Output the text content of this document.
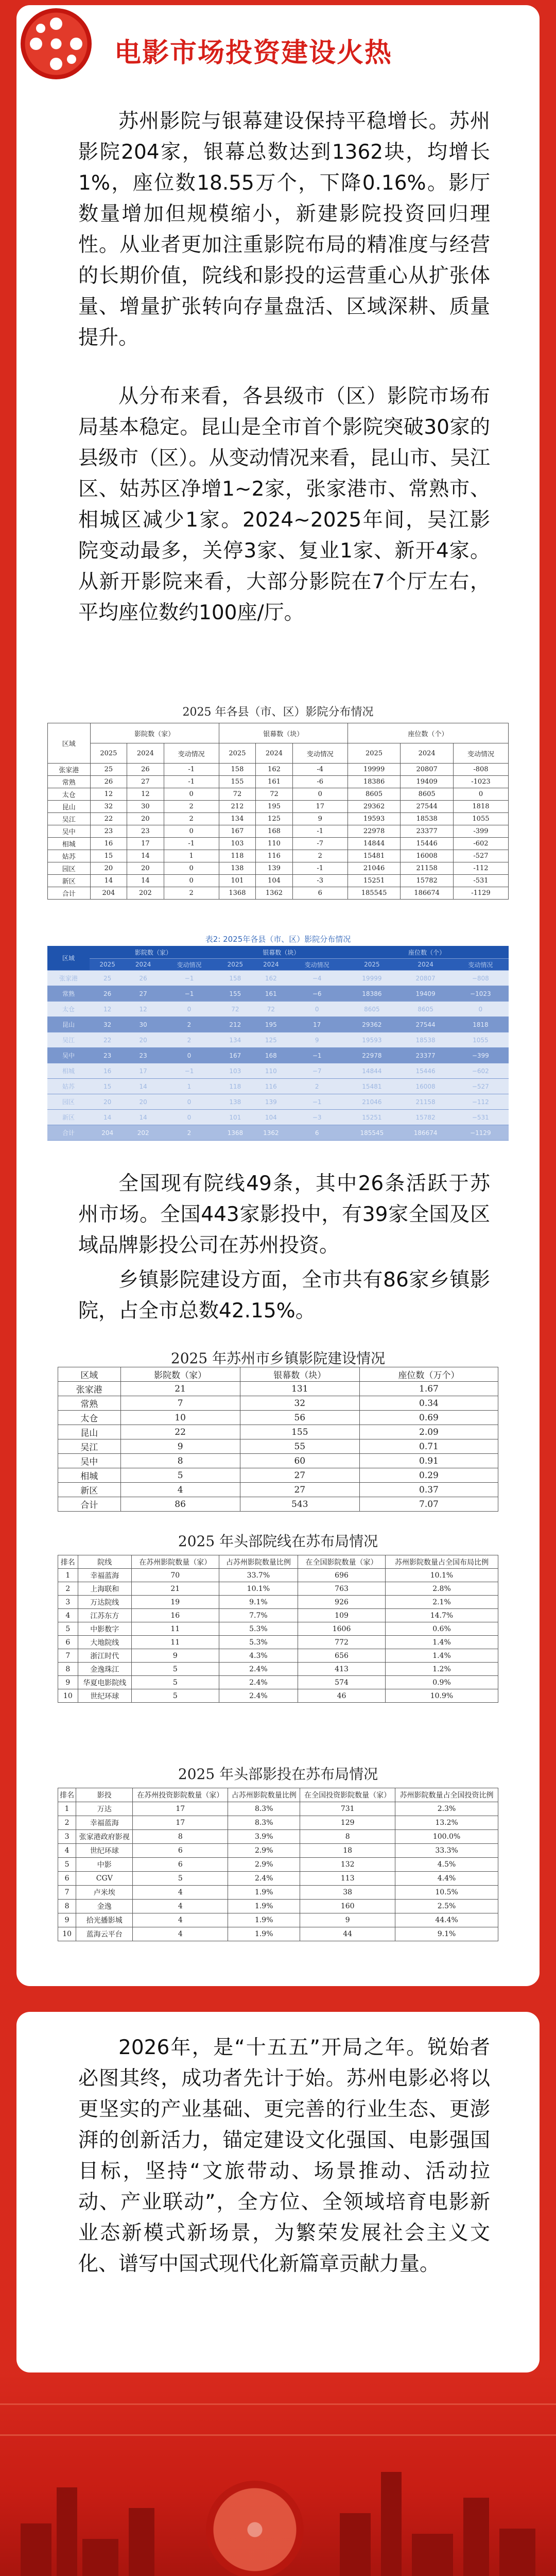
电影市场投资建设火热

苏州影院与银幕建设保持平稳增长。苏州影院204家，银幕总数达到1362块，均增长1%，座位数18.55万个，下降0.16%。影厅数量增加但规模缩小，新建影院投资回归理性。从业者更加注重影院布局的精准度与经营的长期价值，院线和影投的运营重心从扩张体量、增量扩张转向存量盘活、区域深耕、质量提升。

从分布来看，各县级市（区）影院市场布局基本稳定。昆山是全市首个影院突破30家的县级市（区）。从变动情况来看，昆山市、吴江区、姑苏区净增1~2家，张家港市、常熟市、相城区减少1家。2024~2025年间，吴江影院变动最多，关停3家、复业1家、新开4家。从新开影院来看，大部分影院在7个厅左右，平均座位数约100座/厅。

2025 年各县（市、区）影院分布情况
区域	影院数（家）			银幕数（块）			座位数（个）		
	2025	2024	变动情况	2025	2024	变动情况	2025	2024	变动情况
张家港	25	26	-1	158	162	-4	19999	20807	-808
常熟	26	27	-1	155	161	-6	18386	19409	-1023
太仓	12	12	0	72	72	0	8605	8605	0
昆山	32	30	2	212	195	17	29362	27544	1818
吴江	22	20	2	134	125	9	19593	18538	1055
吴中	23	23	0	167	168	-1	22978	23377	-399
相城	16	17	-1	103	110	-7	14844	15446	-602
姑苏	15	14	1	118	116	2	15481	16008	-527
园区	20	20	0	138	139	-1	21046	21158	-112
新区	14	14	0	101	104	-3	15251	15782	-531
合计	204	202	2	1368	1362	6	185545	186674	-1129
表2: 2025年各县（市、区）影院分布情况
区域	影院数（家）			银幕数（块）			座位数（个）		
	2025	2024	变动情况	2025	2024	变动情况	2025	2024	变动情况
张家港	25	26	−1	158	162	−4	19999	20807	−808
常熟	26	27	−1	155	161	−6	18386	19409	−1023
太仓	12	12	0	72	72	0	8605	8605	0
昆山	32	30	2	212	195	17	29362	27544	1818
吴江	22	20	2	134	125	9	19593	18538	1055
吴中	23	23	0	167	168	−1	22978	23377	−399
相城	16	17	−1	103	110	−7	14844	15446	−602
姑苏	15	14	1	118	116	2	15481	16008	−527
园区	20	20	0	138	139	−1	21046	21158	−112
新区	14	14	0	101	104	−3	15251	15782	−531
合计	204	202	2	1368	1362	6	185545	186674	−1129

全国现有院线49条，其中26条活跃于苏州市场。全国443家影投中，有39家全国及区域品牌影投公司在苏州投资。

乡镇影院建设方面，全市共有86家乡镇影院，占全市总数42.15%。

2025 年苏州市乡镇影院建设情况
区域	影院数（家）	银幕数（块）	座位数（万个）
张家港	21	131	1.67
常熟	7	32	0.34
太仓	10	56	0.69
昆山	22	155	2.09
吴江	9	55	0.71
吴中	8	60	0.91
相城	5	27	0.29
新区	4	27	0.37
合计	86	543	7.07
2025 年头部院线在苏布局情况
排名	院线	在苏州影院数量（家）	占苏州影院数量比例	在全国影院数量（家）	苏州影院数量占全国布局比例
1	幸福蓝海	70	33.7%	696	10.1%
2	上海联和	21	10.1%	763	2.8%
3	万达院线	19	9.1%	926	2.1%
4	江苏东方	16	7.7%	109	14.7%
5	中影数字	11	5.3%	1606	0.6%
6	大地院线	11	5.3%	772	1.4%
7	浙江时代	9	4.3%	656	1.4%
8	金逸珠江	5	2.4%	413	1.2%
9	华夏电影院线	5	2.4%	574	0.9%
10	世纪环球	5	2.4%	46	10.9%
2025 年头部影投在苏布局情况
排名	影投	在苏州投资影院数量（家）	占苏州影院数量比例	在全国投资影院数量（家）	苏州影院数量占全国投资比例
1	万达	17	8.3%	731	2.3%
2	幸福蓝海	17	8.3%	129	13.2%
3	张家港政府影视	8	3.9%	8	100.0%
4	世纪环球	6	2.9%	18	33.3%
5	中影	6	2.9%	132	4.5%
6	CGV	5	2.4%	113	4.4%
7	卢米埃	4	1.9%	38	10.5%
8	金逸	4	1.9%	160	2.5%
9	拾光播影城	4	1.9%	9	44.4%
10	蓝海云平台	4	1.9%	44	9.1%

2026年，是“十五五”开局之年。锐始者必图其终，成功者先计于始。苏州电影必将以更坚实的产业基础、更完善的行业生态、更澎湃的创新活力，锚定建设文化强国、电影强国目标，坚持“文旅带动、场景推动、活动拉动、产业联动”，全方位、全领域培育电影新业态新模式新场景，为繁荣发展社会主义文化、谱写中国式现代化新篇章贡献力量。
